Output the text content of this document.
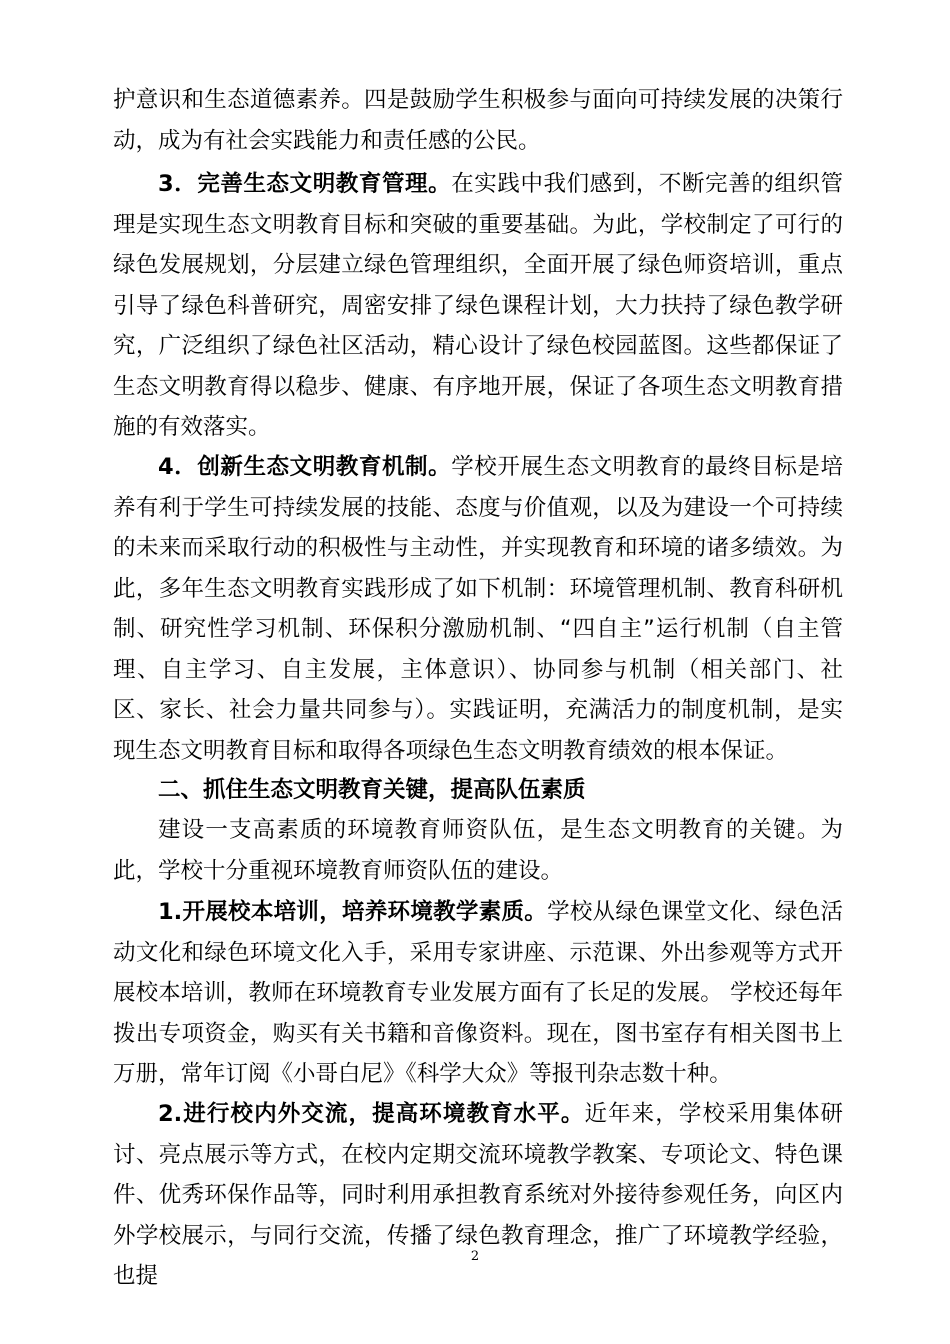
护意识和生态道德素养。四是鼓励学生积极参与面向可持续发展的决策行动，成为有社会实践能力和责任感的公民。

3．完善生态文明教育管理。在实践中我们感到，不断完善的组织管理是实现生态文明教育目标和突破的重要基础。为此，学校制定了可行的绿色发展规划，分层建立绿色管理组织，全面开展了绿色师资培训，重点引导了绿色科普研究，周密安排了绿色课程计划，大力扶持了绿色教学研究，广泛组织了绿色社区活动，精心设计了绿色校园蓝图。这些都保证了生态文明教育得以稳步、健康、有序地开展，保证了各项生态文明教育措施的有效落实。

4．创新生态文明教育机制。学校开展生态文明教育的最终目标是培养有利于学生可持续发展的技能、态度与价值观，以及为建设一个可持续的未来而采取行动的积极性与主动性，并实现教育和环境的诸多绩效。为此，多年生态文明教育实践形成了如下机制：环境管理机制、教育科研机制、研究性学习机制、环保积分激励机制、“四自主”运行机制（自主管理、自主学习、自主发展，主体意识）、协同参与机制（相关部门、社区、家长、社会力量共同参与）。实践证明，充满活力的制度机制，是实现生态文明教育目标和取得各项绿色生态文明教育绩效的根本保证。

二、抓住生态文明教育关键，提高队伍素质

建设一支高素质的环境教育师资队伍，是生态文明教育的关键。为此，学校十分重视环境教育师资队伍的建设。

1.开展校本培训，培养环境教学素质。学校从绿色课堂文化、绿色活动文化和绿色环境文化入手，采用专家讲座、示范课、外出参观等方式开展校本培训，教师在环境教育专业发展方面有了长足的发展。 学校还每年拨出专项资金，购买有关书籍和音像资料。现在，图书室存有相关图书上万册，常年订阅《小哥白尼》《科学大众》等报刊杂志数十种。

2.进行校内外交流，提高环境教育水平。近年来，学校采用集体研讨、亮点展示等方式，在校内定期交流环境教学教案、专项论文、特色课件、优秀环保作品等，同时利用承担教育系统对外接待参观任务，向区内外学校展示，与同行交流，传播了绿色教育理念，推广了环境教学经验，也提

2
